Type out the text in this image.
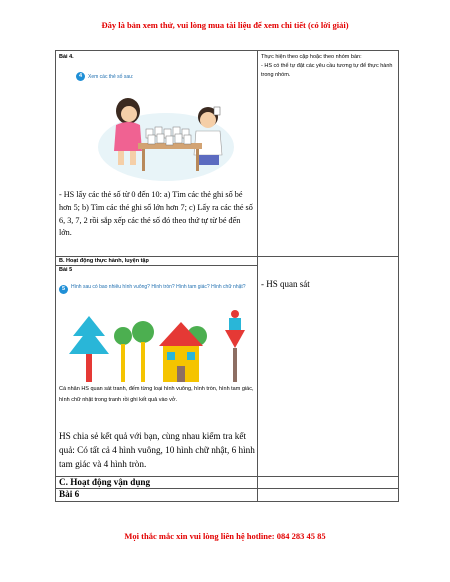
Đây là bản xem thử, vui lòng mua tài liệu để xem chi tiết (có lời giải)
Bài 4.
4	Xem các thẻ số sau:
- HS lấy các thẻ số từ 0 đến 10: a) Tìm các thẻ ghi số bé hơn 5; b) Tìm các thẻ ghi số lớn hơn 7; c) Lấy ra các thẻ số 6, 3, 7, 2 rồi sắp xếp các thẻ số đó theo thứ tự từ bé đến lớn.
Thực hiện theo cặp hoặc theo nhóm bàn:
- HS có thể tự đặt các yêu cầu tương tự để thực hành trong nhóm.
B. Hoạt động thực hành, luyện tập
Bài 5
5	Hình sau có bao nhiêu hình vuông? Hình tròn? Hình tam giác? Hình chữ nhật?
Cá nhân HS quan sát tranh, đếm từng loại hình vuông, hình tròn, hình tam giác, hình chữ nhật trong tranh rồi ghi kết quả vào vở.
HS chia sẻ kết quả với bạn, cùng nhau kiểm tra kết quả: Có tất cả 4 hình vuông, 10 hình chữ nhật, 6 hình tam giác và 4 hình tròn.
- HS quan sát
C. Hoạt động vận dụng
Bài 6
Mọi thắc mắc xin vui lòng liên hệ hotline: 084 283 45 85
